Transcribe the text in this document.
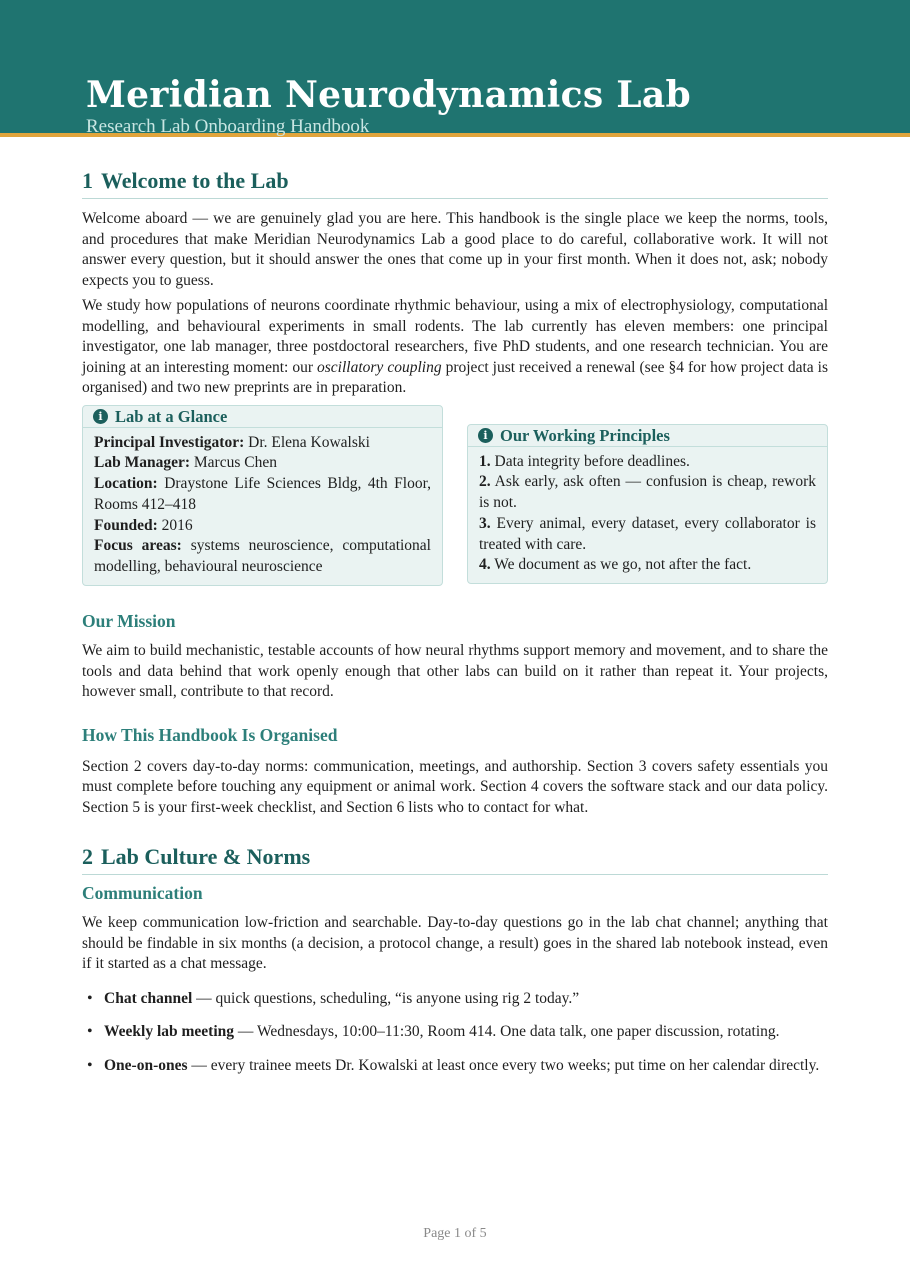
Meridian Neurodynamics Lab
Research Lab Onboarding Handbook
1 Welcome to the Lab

Welcome aboard — we are genuinely glad you are here. This handbook is the single place we keep the norms, tools, and procedures that make Meridian Neurodynamics Lab a good place to do careful, collaborative work. It will not answer every question, but it should answer the ones that come up in your first month. When it does not, ask; nobody expects you to guess.

We study how populations of neurons coordinate rhythmic behaviour, using a mix of electrophysiology, computational modelling, and behavioural experiments in small rodents. The lab currently has eleven members: one principal investigator, one lab manager, three postdoctoral researchers, five PhD students, and one research technician. You are joining at an interesting moment: our oscillatory coupling project just received a renewal (see §4 for how project data is organised) and two new preprints are in preparation.

i Lab at a Glance
Principal Investigator: Dr. Elena Kowalski
Lab Manager: Marcus Chen
Location: Draystone Life Sciences Bldg, 4th Floor, Rooms 412–418
Founded: 2016
Focus areas: systems neuroscience, computational modelling, behavioural neuroscience
i Our Working Principles
1. Data integrity before deadlines.
2. Ask early, ask often — confusion is cheap, rework is not.
3. Every animal, every dataset, every collaborator is treated with care.
4. We document as we go, not after the fact.
Our Mission

We aim to build mechanistic, testable accounts of how neural rhythms support memory and movement, and to share the tools and data behind that work openly enough that other labs can build on it rather than repeat it. Your projects, however small, contribute to that record.

How This Handbook Is Organised

Section 2 covers day-to-day norms: communication, meetings, and authorship. Section 3 covers safety essentials you must complete before touching any equipment or animal work. Section 4 covers the software stack and our data policy. Section 5 is your first-week checklist, and Section 6 lists who to contact for what.

2 Lab Culture & Norms
Communication

We keep communication low-friction and searchable. Day-to-day questions go in the lab chat channel; anything that should be findable in six months (a decision, a protocol change, a result) goes in the shared lab notebook instead, even if it started as a chat message.

• Chat channel — quick questions, scheduling, “is anyone using rig 2 today.”
• Weekly lab meeting — Wednesdays, 10:00–11:30, Room 414. One data talk, one paper discussion, rotating.
• One-on-ones — every trainee meets Dr. Kowalski at least once every two weeks; put time on her calendar directly.
Page 1 of 5
